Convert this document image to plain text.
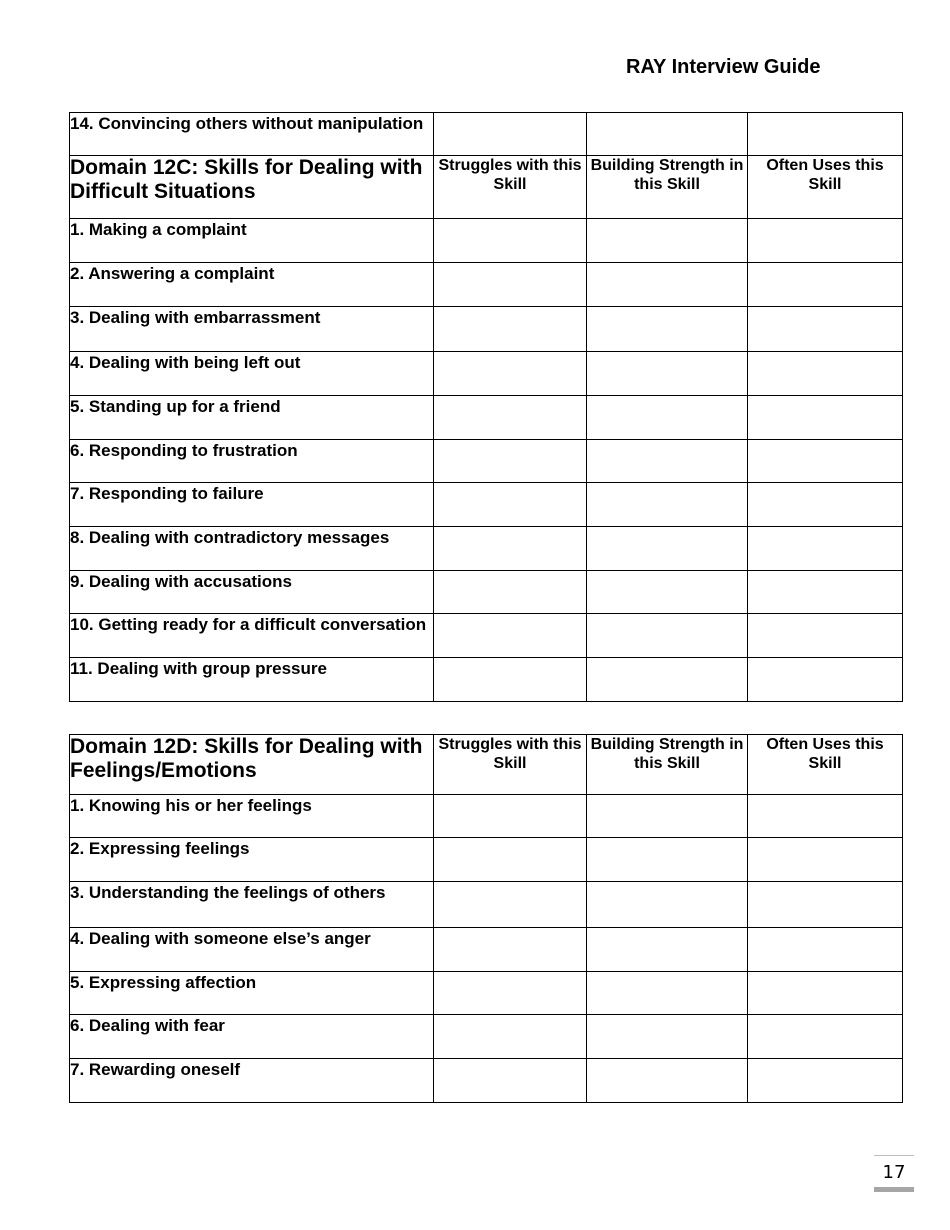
RAY Interview Guide
14. Convincing others without manipulation			
Domain 12C: Skills for Dealing with Difficult Situations	Struggles with this Skill	Building Strength in this Skill	Often Uses this Skill
1. Making a complaint			
2. Answering a complaint			
3. Dealing with embarrassment			
4. Dealing with being left out			
5. Standing up for a friend			
6. Responding to frustration			
7. Responding to failure			
8. Dealing with contradictory messages			
9. Dealing with accusations			
10. Getting ready for a difficult conversation			
11. Dealing with group pressure			
Domain 12D: Skills for Dealing with Feelings/Emotions	Struggles with this Skill	Building Strength in this Skill	Often Uses this Skill
1. Knowing his or her feelings			
2. Expressing feelings			
3. Understanding the feelings of others			
4. Dealing with someone else’s anger			
5. Expressing affection			
6. Dealing with fear			
7. Rewarding oneself			
17
